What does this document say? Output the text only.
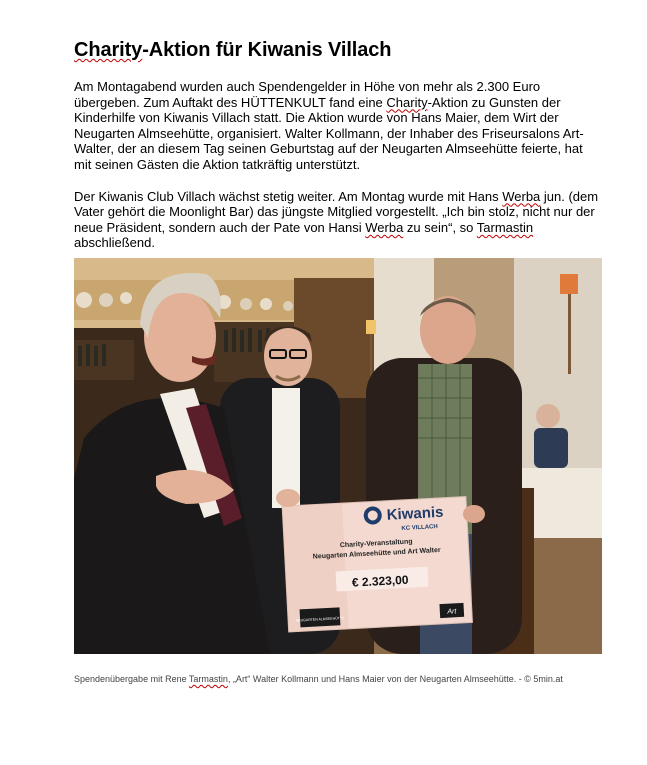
Charity-Aktion für Kiwanis Villach

Am Montagabend wurden auch Spendengelder in Höhe von mehr als 2.300 Euro übergeben. Zum Auftakt des HÜTTENKULT fand eine Charity-Aktion zu Gunsten der Kinderhilfe von Kiwanis Villach statt. Die Aktion wurde von Hans Maier, dem Wirt der Neugarten Almseehütte, organisiert. Walter Kollmann, der Inhaber des Friseursalons Art-Walter, der an diesem Tag seinen Geburtstag auf der Neugarten Almseehütte feierte, hat mit seinen Gästen die Aktion tatkräftig unterstützt.

Der Kiwanis Club Villach wächst stetig weiter. Am Montag wurde mit Hans Werba jun. (dem Vater gehört die Moonlight Bar) das jüngste Mitglied vorgestellt. „Ich bin stolz, nicht nur der neue Präsident, sondern auch der Pate von Hansi Werba zu sein“, so Tarmastin abschließend.

Kiwanis
KC VILLACH
Charity-Veranstaltung
Neugarten Almseehütte und Art Walter
€ 2.323,00
NEUGARTEN ALMSEEHÜTTE
Art

Spendenübergabe mit Rene Tarmastin, „Art“ Walter Kollmann und Hans Maier von der Neugarten Almseehütte. - © 5min.at
